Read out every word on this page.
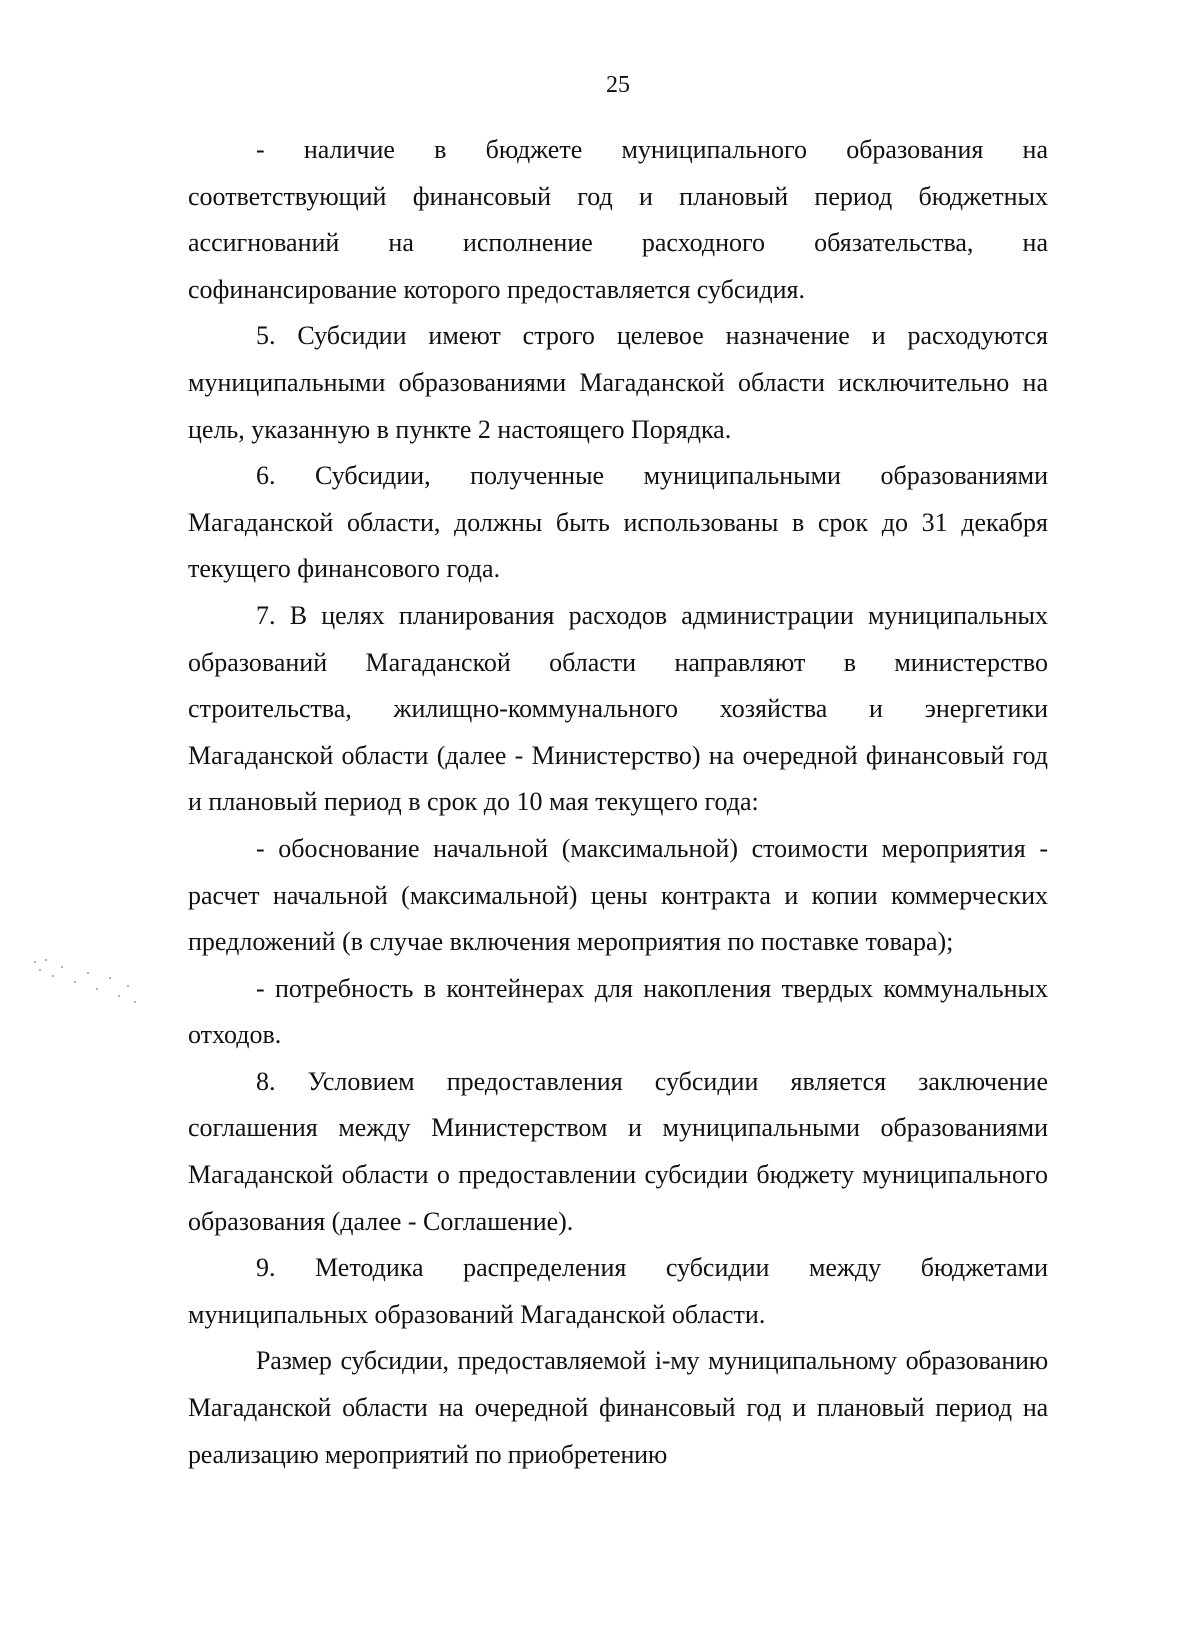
25

- наличие в бюджете муниципального образования на соответствующий финансовый год и плановый период бюджетных ассигнований на исполнение расходного обязательства, на софинансирование которого предоставляется субсидия.

5. Субсидии имеют строго целевое назначение и расходуются муниципальными образованиями Магаданской области исключительно на цель, указанную в пункте 2 настоящего Порядка.

6. Субсидии, полученные муниципальными образованиями Магаданской области, должны быть использованы в срок до 31 декабря текущего финансового года.

7. В целях планирования расходов администрации муниципальных образований Магаданской области направляют в министерство строительства, жилищно-коммунального хозяйства и энергетики Магаданской области (далее - Министерство) на очередной финансовый год и плановый период в срок до 10 мая текущего года:

- обоснование начальной (максимальной) стоимости мероприятия - расчет начальной (максимальной) цены контракта и копии коммерческих предложений (в случае включения мероприятия по поставке товара);

- потребность в контейнерах для накопления твердых коммунальных отходов.

8. Условием предоставления субсидии является заключение соглашения между Министерством и муниципальными образованиями Магаданской области о предоставлении субсидии бюджету муниципального образования (далее - Соглашение).

9. Методика распределения субсидии между бюджетами муниципальных образований Магаданской области.

Размер субсидии, предоставляемой i-му муниципальному образованию Магаданской области на очередной финансовый год и плановый период на реализацию мероприятий по приобретению
